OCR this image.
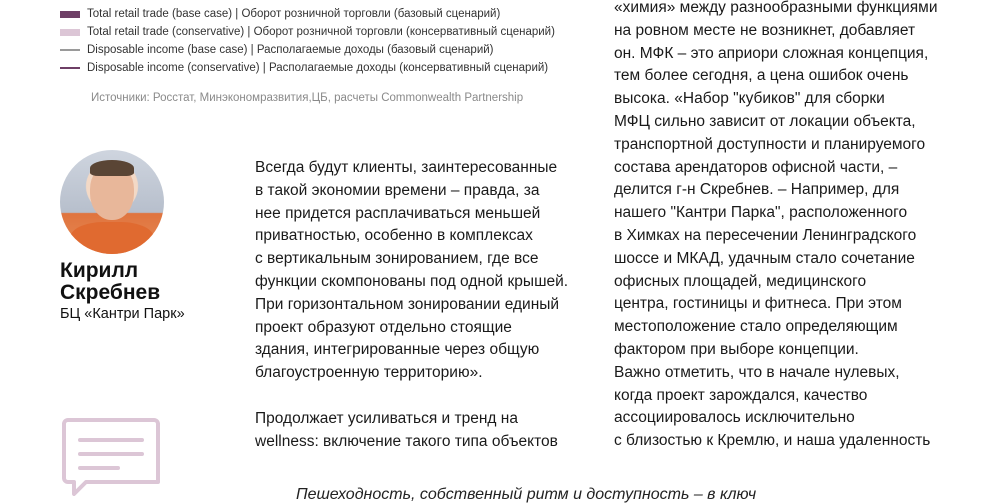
Total retail trade (base case) | Оборот розничной торговли (базовый сценарий)
Total retail trade (conservative) | Оборот розничной торговли (консервативный сценарий)
Disposable income (base case) | Располагаемые доходы (базовый сценарий)
Disposable income (conservative) | Располагаемые доходы (консервативный сценарий)
Источники: Росстат, Минэкономразвития,ЦБ, расчеты Commonwealth Partnership
Кирилл
Скребнев
БЦ «Кантри Парк»

Всегда будут клиенты, заинтересованные

в такой экономии времени – правда, за

нее придется расплачиваться меньшей

приватностью, особенно в комплексах

с вертикальным зонированием, где все

функции скомпонованы под одной крышей.

При горизонтальном зонировании единый

проект образуют отдельно стоящие

здания, интегрированные через общую

благоустроенную территорию».

Продолжает усиливаться и тренд на

wellness: включение такого типа объектов

«химия» между разнообразными функциями

на ровном месте не возникнет, добавляет

он. МФК – это априори сложная концепция,

тем более сегодня, а цена ошибок очень

высока. «Набор "кубиков" для сборки

МФЦ сильно зависит от локации объекта,

транспортной доступности и планируемого

состава арендаторов офисной части, –

делится г-н Скребнев. – Например, для

нашего "Кантри Парка", расположенного

в Химках на пересечении Ленинградского

шоссе и МКАД, удачным стало сочетание

офисных площадей, медицинского

центра, гостиницы и фитнеса. При этом

местоположение стало определяющим

фактором при выборе концепции.

Важно отметить, что в начале нулевых,

когда проект зарождался, качество

ассоциировалось исключительно

с близостью к Кремлю, и наша удаленность

Пешеходность, собственный ритм и доступность – в ключ
